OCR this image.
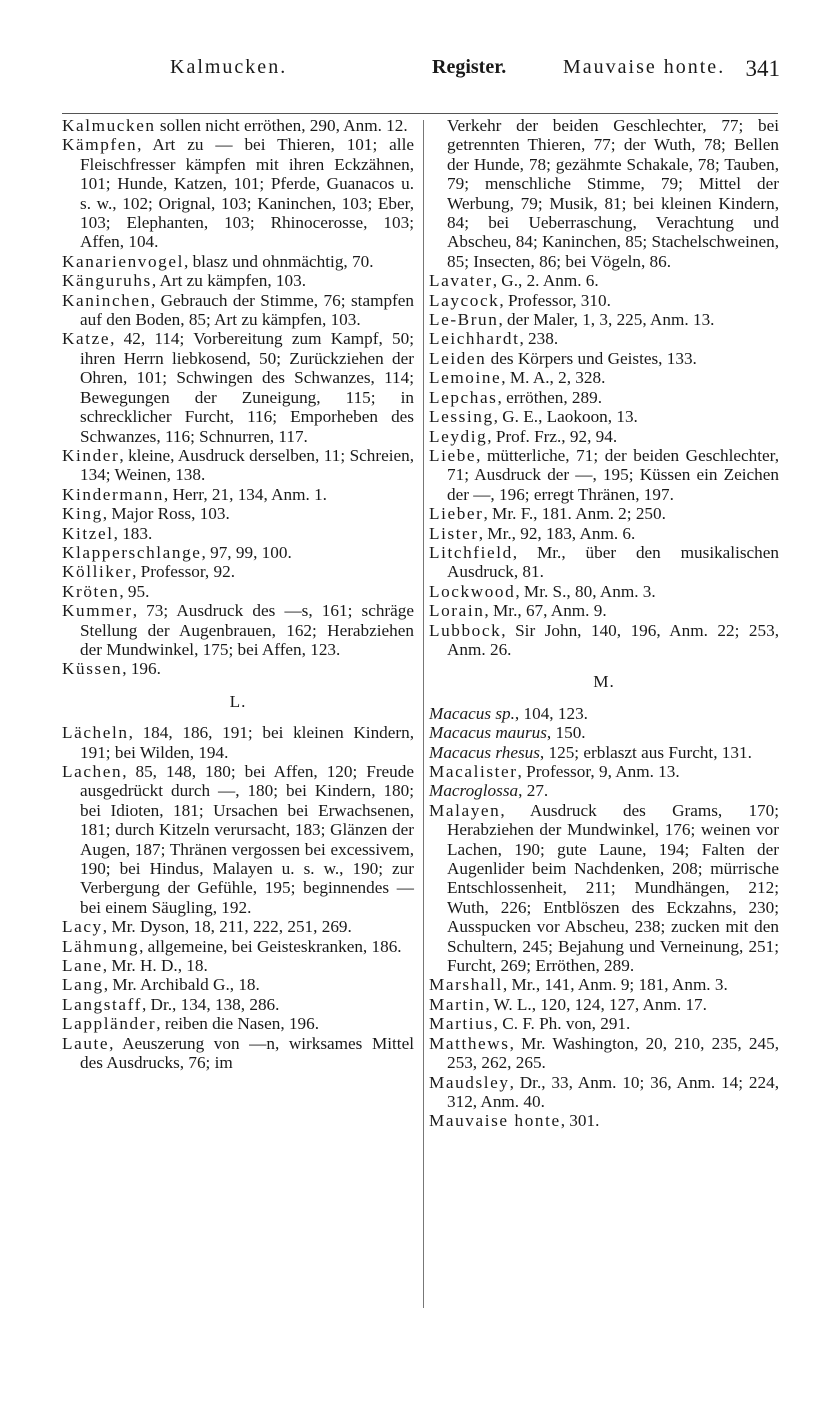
Kalmucken.	Register.	Mauvaise honte. 341

Kalmucken sollen nicht erröthen, 290, Anm. 12.

Kämpfen, Art zu — bei Thieren, 101; alle Fleischfresser kämpfen mit ihren Eckzähnen, 101; Hunde, Katzen, 101; Pferde, Guanacos u. s. w., 102; Orignal, 103; Kaninchen, 103; Eber, 103; Elephanten, 103; Rhinocerosse, 103; Affen, 104.

Kanarienvogel, blasz und ohnmächtig, 70.

Känguruhs, Art zu kämpfen, 103.

Kaninchen, Gebrauch der Stimme, 76; stampfen auf den Boden, 85; Art zu kämpfen, 103.

Katze, 42, 114; Vorbereitung zum Kampf, 50; ihren Herrn liebkosend, 50; Zurückziehen der Ohren, 101; Schwingen des Schwanzes, 114; Bewegungen der Zuneigung, 115; in schrecklicher Furcht, 116; Emporheben des Schwanzes, 116; Schnurren, 117.

Kinder, kleine, Ausdruck derselben, 11; Schreien, 134; Weinen, 138.

Kindermann, Herr, 21, 134, Anm. 1.

King, Major Ross, 103.

Kitzel, 183.

Klapperschlange, 97, 99, 100.

Kölliker, Professor, 92.

Kröten, 95.

Kummer, 73; Ausdruck des —s, 161; schräge Stellung der Augenbrauen, 162; Herabziehen der Mundwinkel, 175; bei Affen, 123.

Küssen, 196.

L.

Lächeln, 184, 186, 191; bei kleinen Kindern, 191; bei Wilden, 194.

Lachen, 85, 148, 180; bei Affen, 120; Freude ausgedrückt durch —, 180; bei Kindern, 180; bei Idioten, 181; Ursachen bei Erwachsenen, 181; durch Kitzeln verursacht, 183; Glänzen der Augen, 187; Thränen vergossen bei excessivem, 190; bei Hindus, Malayen u. s. w., 190; zur Verbergung der Gefühle, 195; beginnendes — bei einem Säugling, 192.

Lacy, Mr. Dyson, 18, 211, 222, 251, 269.

Lähmung, allgemeine, bei Geisteskranken, 186.

Lane, Mr. H. D., 18.

Lang, Mr. Archibald G., 18.

Langstaff, Dr., 134, 138, 286.

Lappländer, reiben die Nasen, 196.

Laute, Aeuszerung von —n, wirksames Mittel des Ausdrucks, 76; im

Verkehr der beiden Geschlechter, 77; bei getrennten Thieren, 77; der Wuth, 78; Bellen der Hunde, 78; gezähmte Schakale, 78; Tauben, 79; menschliche Stimme, 79; Mittel der Werbung, 79; Musik, 81; bei kleinen Kindern, 84; bei Ueberraschung, Verachtung und Abscheu, 84; Kaninchen, 85; Stachelschweinen, 85; Insecten, 86; bei Vögeln, 86.

Lavater, G., 2. Anm. 6.

Laycock, Professor, 310.

Le-Brun, der Maler, 1, 3, 225, Anm. 13.

Leichhardt, 238.

Leiden des Körpers und Geistes, 133.

Lemoine, M. A., 2, 328.

Lepchas, erröthen, 289.

Lessing, G. E., Laokoon, 13.

Leydig, Prof. Frz., 92, 94.

Liebe, mütterliche, 71; der beiden Geschlechter, 71; Ausdruck der —, 195; Küssen ein Zeichen der —, 196; erregt Thränen, 197.

Lieber, Mr. F., 181. Anm. 2; 250.

Lister, Mr., 92, 183, Anm. 6.

Litchfield, Mr., über den musikalischen Ausdruck, 81.

Lockwood, Mr. S., 80, Anm. 3.

Lorain, Mr., 67, Anm. 9.

Lubbock, Sir John, 140, 196, Anm. 22; 253, Anm. 26.

M.

Macacus sp., 104, 123.

Macacus maurus, 150.

Macacus rhesus, 125; erblaszt aus Furcht, 131.

Macalister, Professor, 9, Anm. 13.

Macroglossa, 27.

Malayen, Ausdruck des Grams, 170; Herabziehen der Mundwinkel, 176; weinen vor Lachen, 190; gute Laune, 194; Falten der Augenlider beim Nachdenken, 208; mürrische Entschlossenheit, 211; Mundhängen, 212; Wuth, 226; Entblöszen des Eckzahns, 230; Ausspucken vor Abscheu, 238; zucken mit den Schultern, 245; Bejahung und Verneinung, 251; Furcht, 269; Erröthen, 289.

Marshall, Mr., 141, Anm. 9; 181, Anm. 3.

Martin, W. L., 120, 124, 127, Anm. 17.

Martius, C. F. Ph. von, 291.

Matthews, Mr. Washington, 20, 210, 235, 245, 253, 262, 265.

Maudsley, Dr., 33, Anm. 10; 36, Anm. 14; 224, 312, Anm. 40.

Mauvaise honte, 301.
